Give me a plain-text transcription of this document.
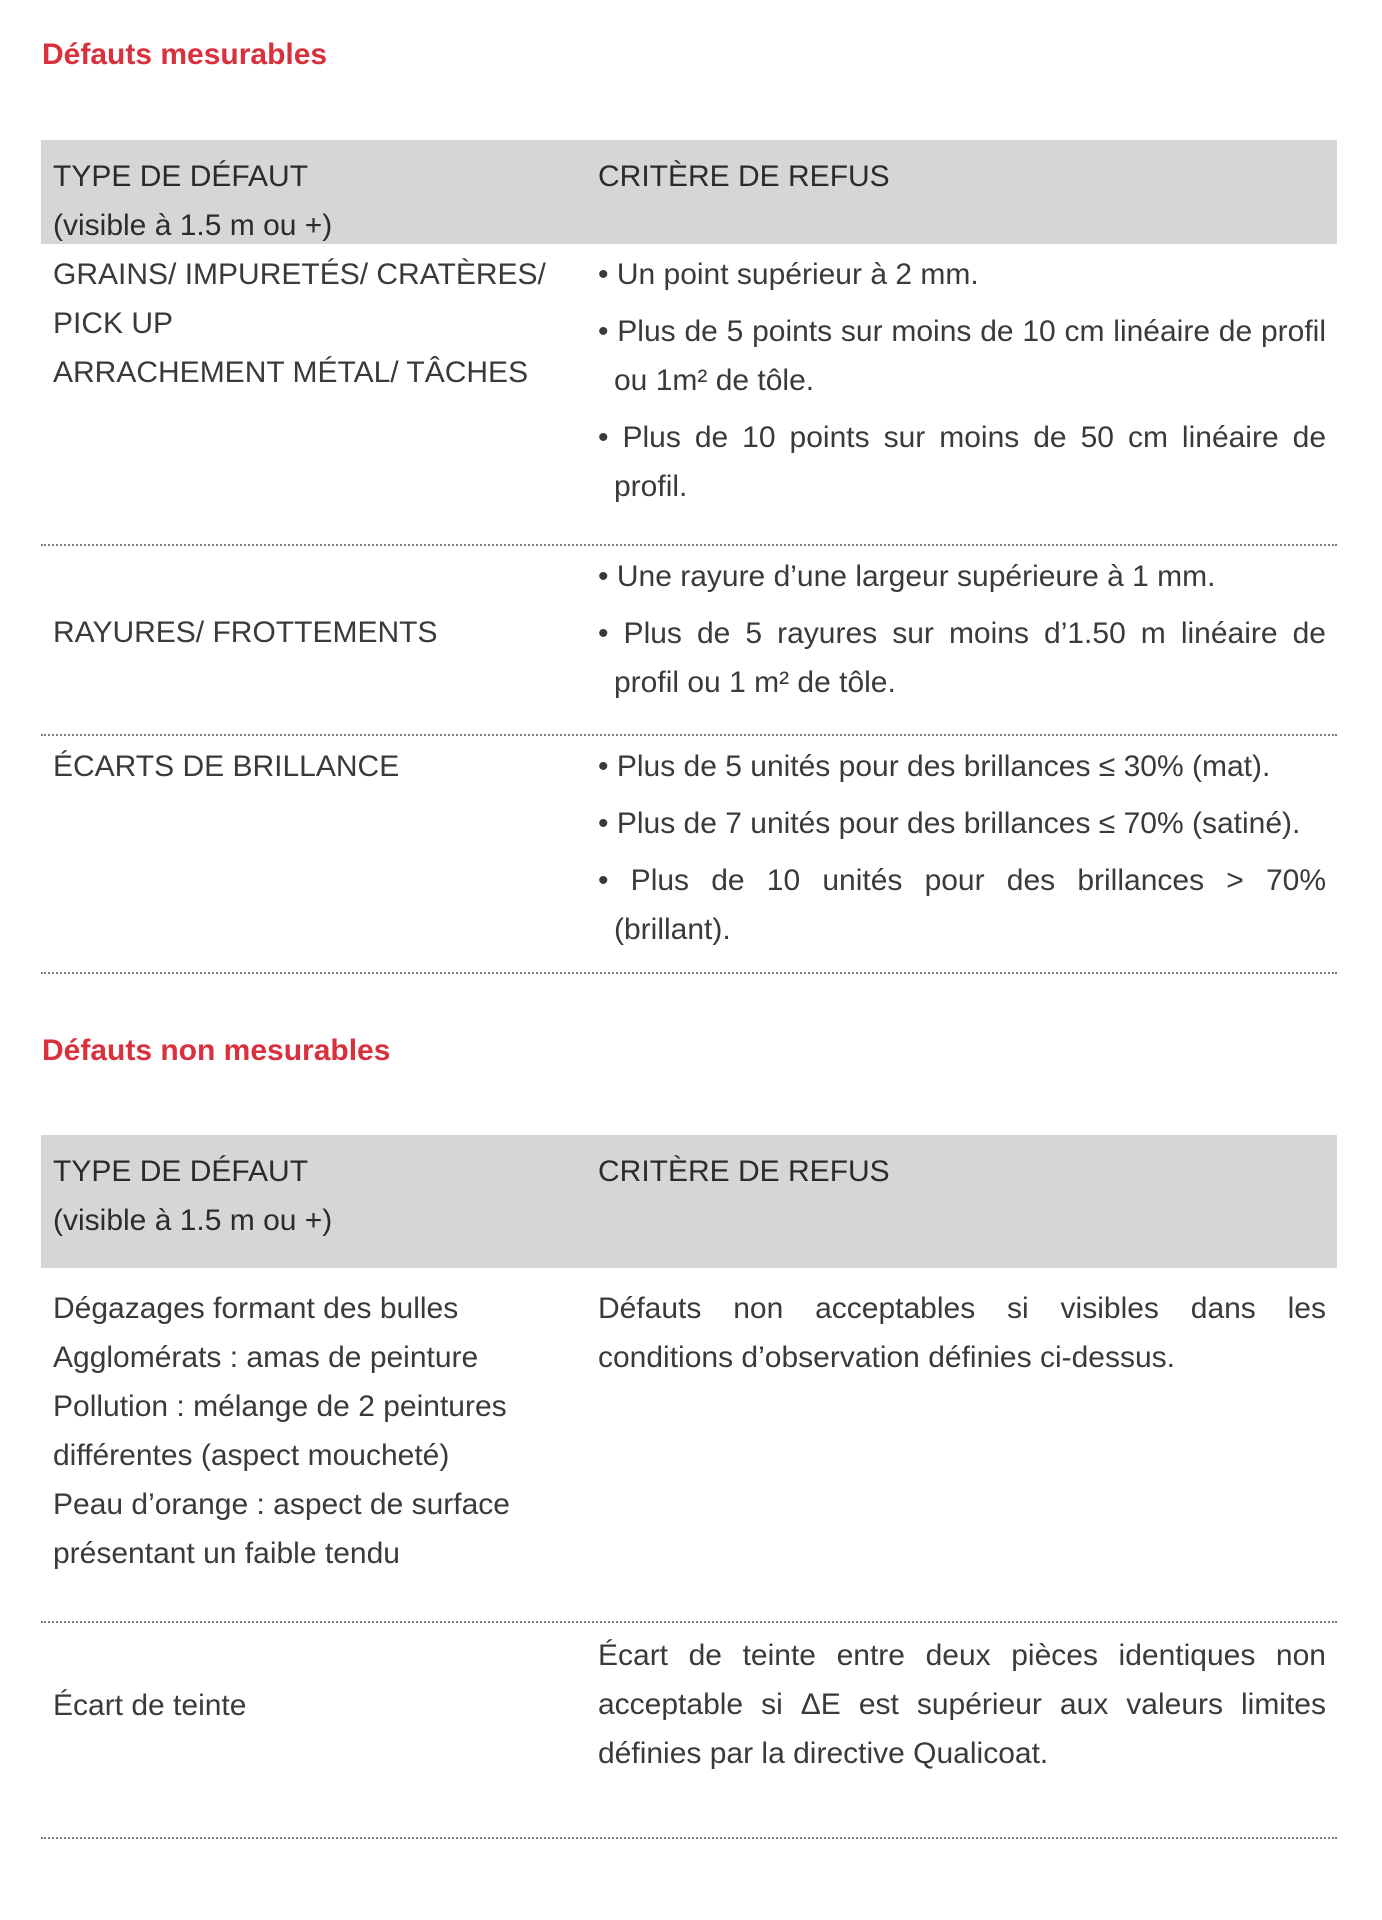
Défauts mesurables
TYPE DE DÉFAUT
(visible à 1.5 m ou +)
CRITÈRE DE REFUS
GRAINS/ IMPURETÉS/ CRATÈRES/
PICK UP
ARRACHEMENT MÉTAL/ TÂCHES

• Un point supérieur à 2 mm.

• Plus de 5 points sur moins de 10 cm linéaire de profil ou 1m² de tôle.

• Plus de 10 points sur moins de 50 cm linéaire de profil.

RAYURES/ FROTTEMENTS

• Une rayure d’une largeur supérieure à 1 mm.

• Plus de 5 rayures sur moins d’1.50 m linéaire de profil ou 1 m² de tôle.

ÉCARTS DE BRILLANCE	• Plus de 5 unités pour des brillances ≤ 30% (mat).

• Plus de 7 unités pour des brillances ≤ 70% (satiné).

• Plus de 10 unités pour des brillances > 70% (brillant).

Défauts non mesurables
TYPE DE DÉFAUT
(visible à 1.5 m ou +)
CRITÈRE DE REFUS
Dégazages formant des bulles
Agglomérats : amas de peinture
Pollution : mélange de 2 peintures
différentes (aspect moucheté)
Peau d’orange : aspect de surface
présentant un faible tendu

Défauts non acceptables si visibles dans les conditions d’observation définies ci-dessus.

Écart de teinte

Écart de teinte entre deux pièces identiques non acceptable si ΔE est supérieur aux valeurs limites définies par la directive Qualicoat.
